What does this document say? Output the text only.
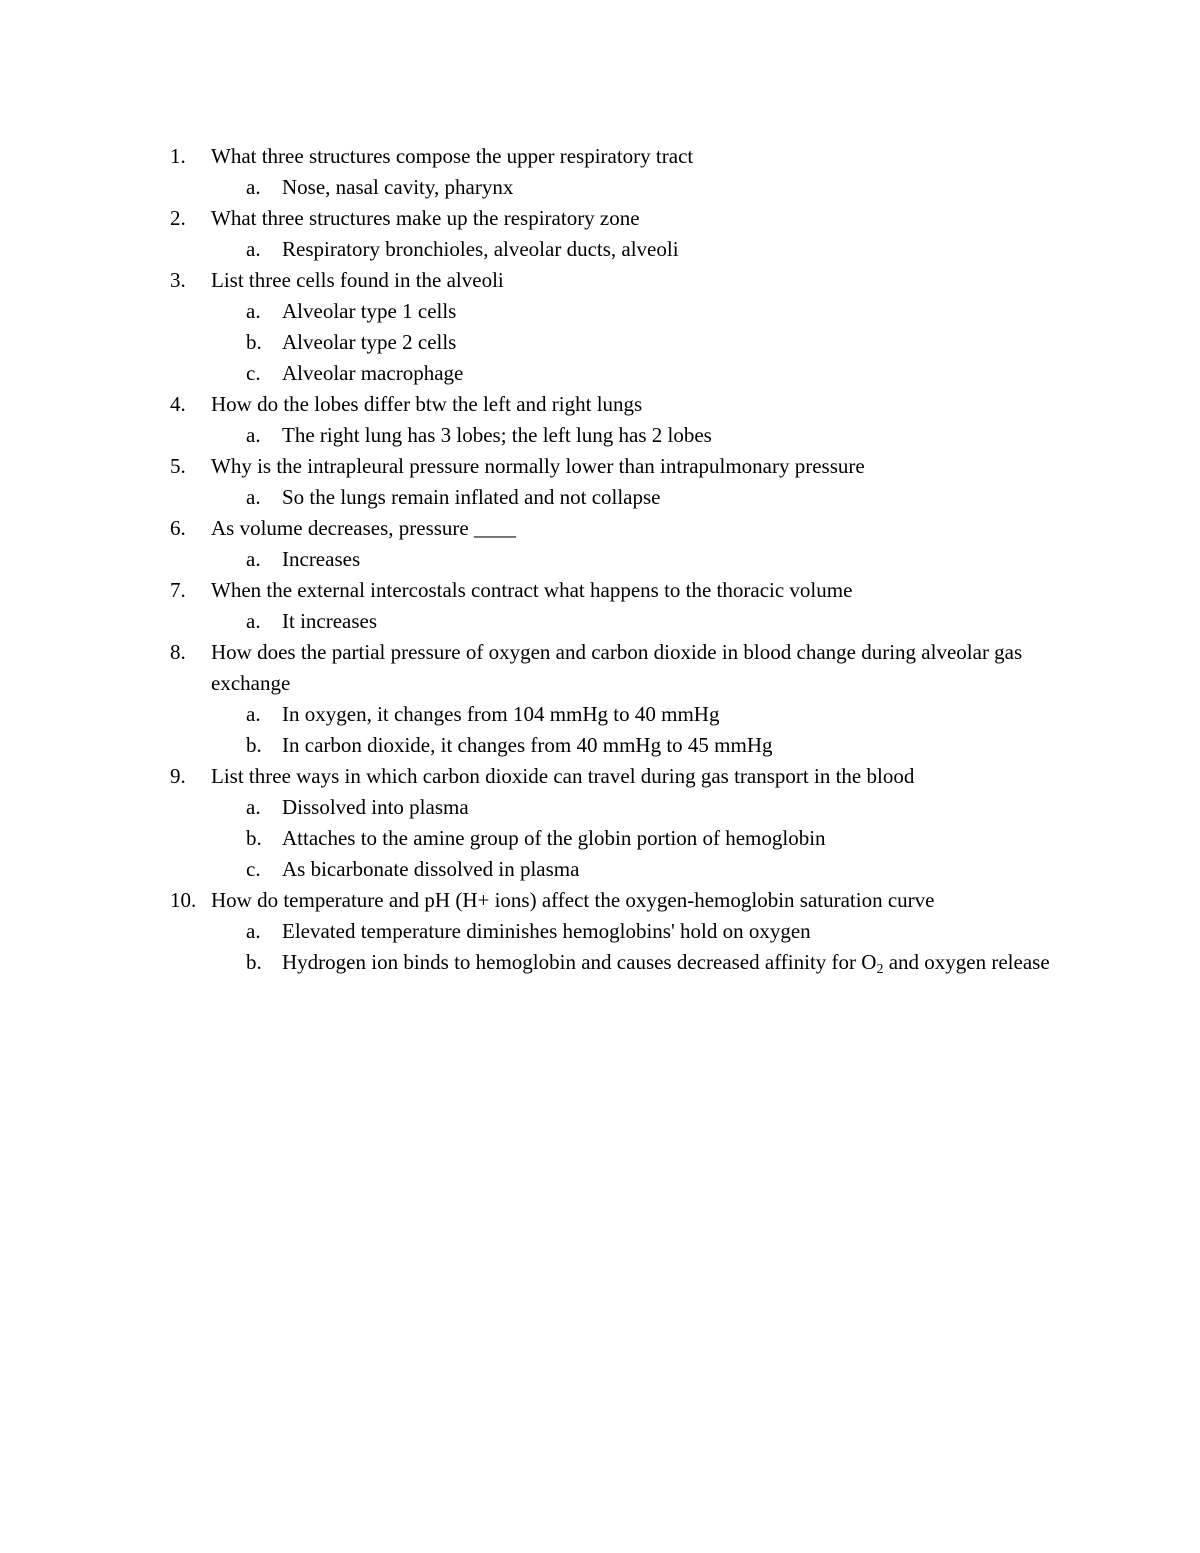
1.	What three structures compose the upper respiratory tract
a. Nose, nasal cavity, pharynx
2.	What three structures make up the respiratory zone
a. Respiratory bronchioles, alveolar ducts, alveoli
3.	List three cells found in the alveoli
a. Alveolar type 1 cells
b. Alveolar type 2 cells
c. Alveolar macrophage
4.	How do the lobes differ btw the left and right lungs
a. The right lung has 3 lobes; the left lung has 2 lobes
5.	Why is the intrapleural pressure normally lower than intrapulmonary pressure
a. So the lungs remain inflated and not collapse
6.	As volume decreases, pressure ____
a. Increases
7.	When the external intercostals contract what happens to the thoracic volume
a. It increases
8.	How does the partial pressure of oxygen and carbon dioxide in blood change during alveolar gas exchange
a. In oxygen, it changes from 104 mmHg to 40 mmHg
b. In carbon dioxide, it changes from 40 mmHg to 45 mmHg
9.	List three ways in which carbon dioxide can travel during gas transport in the blood
a. Dissolved into plasma
b. Attaches to the amine group of the globin portion of hemoglobin
c. As bicarbonate dissolved in plasma
10. How do temperature and pH (H+ ions) affect the oxygen-hemoglobin saturation curve
a. Elevated temperature diminishes hemoglobins' hold on oxygen
b. Hydrogen ion binds to hemoglobin and causes decreased affinity for $O_2$ and oxygen release
